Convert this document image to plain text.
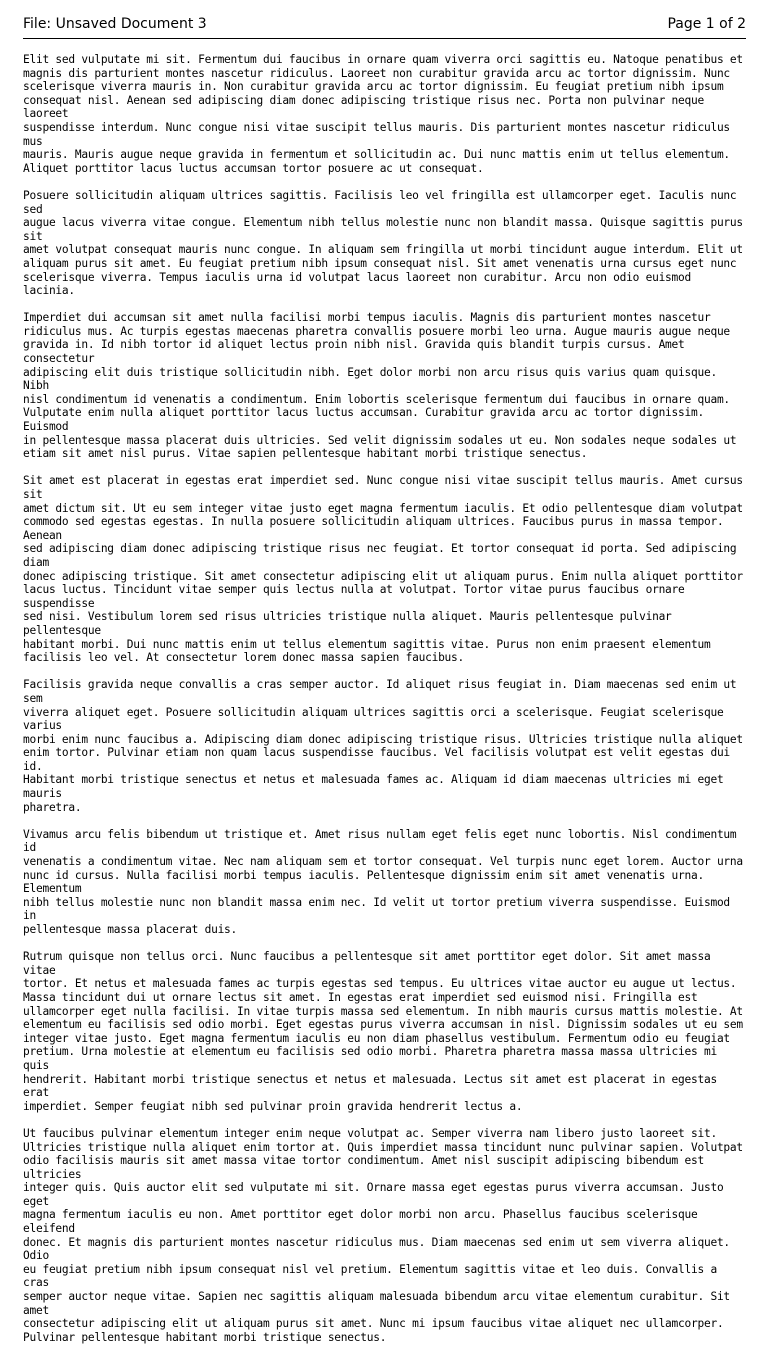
File: Unsaved Document 3	Page 1 of 2

Elit sed vulputate mi sit. Fermentum dui faucibus in ornare quam viverra orci sagittis eu. Natoque penatibus et
magnis dis parturient montes nascetur ridiculus. Laoreet non curabitur gravida arcu ac tortor dignissim. Nunc
scelerisque viverra mauris in. Non curabitur gravida arcu ac tortor dignissim. Eu feugiat pretium nibh ipsum
consequat nisl. Aenean sed adipiscing diam donec adipiscing tristique risus nec. Porta non pulvinar neque laoreet
suspendisse interdum. Nunc congue nisi vitae suscipit tellus mauris. Dis parturient montes nascetur ridiculus mus
mauris. Mauris augue neque gravida in fermentum et sollicitudin ac. Dui nunc mattis enim ut tellus elementum.
Aliquet porttitor lacus luctus accumsan tortor posuere ac ut consequat.

Posuere sollicitudin aliquam ultrices sagittis. Facilisis leo vel fringilla est ullamcorper eget. Iaculis nunc sed
augue lacus viverra vitae congue. Elementum nibh tellus molestie nunc non blandit massa. Quisque sagittis purus sit
amet volutpat consequat mauris nunc congue. In aliquam sem fringilla ut morbi tincidunt augue interdum. Elit ut
aliquam purus sit amet. Eu feugiat pretium nibh ipsum consequat nisl. Sit amet venenatis urna cursus eget nunc
scelerisque viverra. Tempus iaculis urna id volutpat lacus laoreet non curabitur. Arcu non odio euismod lacinia.

Imperdiet dui accumsan sit amet nulla facilisi morbi tempus iaculis. Magnis dis parturient montes nascetur
ridiculus mus. Ac turpis egestas maecenas pharetra convallis posuere morbi leo urna. Augue mauris augue neque
gravida in. Id nibh tortor id aliquet lectus proin nibh nisl. Gravida quis blandit turpis cursus. Amet consectetur
adipiscing elit duis tristique sollicitudin nibh. Eget dolor morbi non arcu risus quis varius quam quisque. Nibh
nisl condimentum id venenatis a condimentum. Enim lobortis scelerisque fermentum dui faucibus in ornare quam.
Vulputate enim nulla aliquet porttitor lacus luctus accumsan. Curabitur gravida arcu ac tortor dignissim. Euismod
in pellentesque massa placerat duis ultricies. Sed velit dignissim sodales ut eu. Non sodales neque sodales ut
etiam sit amet nisl purus. Vitae sapien pellentesque habitant morbi tristique senectus.

Sit amet est placerat in egestas erat imperdiet sed. Nunc congue nisi vitae suscipit tellus mauris. Amet cursus sit
amet dictum sit. Ut eu sem integer vitae justo eget magna fermentum iaculis. Et odio pellentesque diam volutpat
commodo sed egestas egestas. In nulla posuere sollicitudin aliquam ultrices. Faucibus purus in massa tempor. Aenean
sed adipiscing diam donec adipiscing tristique risus nec feugiat. Et tortor consequat id porta. Sed adipiscing diam
donec adipiscing tristique. Sit amet consectetur adipiscing elit ut aliquam purus. Enim nulla aliquet porttitor
lacus luctus. Tincidunt vitae semper quis lectus nulla at volutpat. Tortor vitae purus faucibus ornare suspendisse
sed nisi. Vestibulum lorem sed risus ultricies tristique nulla aliquet. Mauris pellentesque pulvinar pellentesque
habitant morbi. Dui nunc mattis enim ut tellus elementum sagittis vitae. Purus non enim praesent elementum
facilisis leo vel. At consectetur lorem donec massa sapien faucibus.

Facilisis gravida neque convallis a cras semper auctor. Id aliquet risus feugiat in. Diam maecenas sed enim ut sem
viverra aliquet eget. Posuere sollicitudin aliquam ultrices sagittis orci a scelerisque. Feugiat scelerisque varius
morbi enim nunc faucibus a. Adipiscing diam donec adipiscing tristique risus. Ultricies tristique nulla aliquet
enim tortor. Pulvinar etiam non quam lacus suspendisse faucibus. Vel facilisis volutpat est velit egestas dui id.
Habitant morbi tristique senectus et netus et malesuada fames ac. Aliquam id diam maecenas ultricies mi eget mauris
pharetra.

Vivamus arcu felis bibendum ut tristique et. Amet risus nullam eget felis eget nunc lobortis. Nisl condimentum id
venenatis a condimentum vitae. Nec nam aliquam sem et tortor consequat. Vel turpis nunc eget lorem. Auctor urna
nunc id cursus. Nulla facilisi morbi tempus iaculis. Pellentesque dignissim enim sit amet venenatis urna. Elementum
nibh tellus molestie nunc non blandit massa enim nec. Id velit ut tortor pretium viverra suspendisse. Euismod in
pellentesque massa placerat duis.

Rutrum quisque non tellus orci. Nunc faucibus a pellentesque sit amet porttitor eget dolor. Sit amet massa vitae
tortor. Et netus et malesuada fames ac turpis egestas sed tempus. Eu ultrices vitae auctor eu augue ut lectus.
Massa tincidunt dui ut ornare lectus sit amet. In egestas erat imperdiet sed euismod nisi. Fringilla est
ullamcorper eget nulla facilisi. In vitae turpis massa sed elementum. In nibh mauris cursus mattis molestie. At
elementum eu facilisis sed odio morbi. Eget egestas purus viverra accumsan in nisl. Dignissim sodales ut eu sem
integer vitae justo. Eget magna fermentum iaculis eu non diam phasellus vestibulum. Fermentum odio eu feugiat
pretium. Urna molestie at elementum eu facilisis sed odio morbi. Pharetra pharetra massa massa ultricies mi quis
hendrerit. Habitant morbi tristique senectus et netus et malesuada. Lectus sit amet est placerat in egestas erat
imperdiet. Semper feugiat nibh sed pulvinar proin gravida hendrerit lectus a.

Ut faucibus pulvinar elementum integer enim neque volutpat ac. Semper viverra nam libero justo laoreet sit.
Ultricies tristique nulla aliquet enim tortor at. Quis imperdiet massa tincidunt nunc pulvinar sapien. Volutpat
odio facilisis mauris sit amet massa vitae tortor condimentum. Amet nisl suscipit adipiscing bibendum est ultricies
integer quis. Quis auctor elit sed vulputate mi sit. Ornare massa eget egestas purus viverra accumsan. Justo eget
magna fermentum iaculis eu non. Amet porttitor eget dolor morbi non arcu. Phasellus faucibus scelerisque eleifend
donec. Et magnis dis parturient montes nascetur ridiculus mus. Diam maecenas sed enim ut sem viverra aliquet. Odio
eu feugiat pretium nibh ipsum consequat nisl vel pretium. Elementum sagittis vitae et leo duis. Convallis a cras
semper auctor neque vitae. Sapien nec sagittis aliquam malesuada bibendum arcu vitae elementum curabitur. Sit amet
consectetur adipiscing elit ut aliquam purus sit amet. Nunc mi ipsum faucibus vitae aliquet nec ullamcorper.
Pulvinar pellentesque habitant morbi tristique senectus.
